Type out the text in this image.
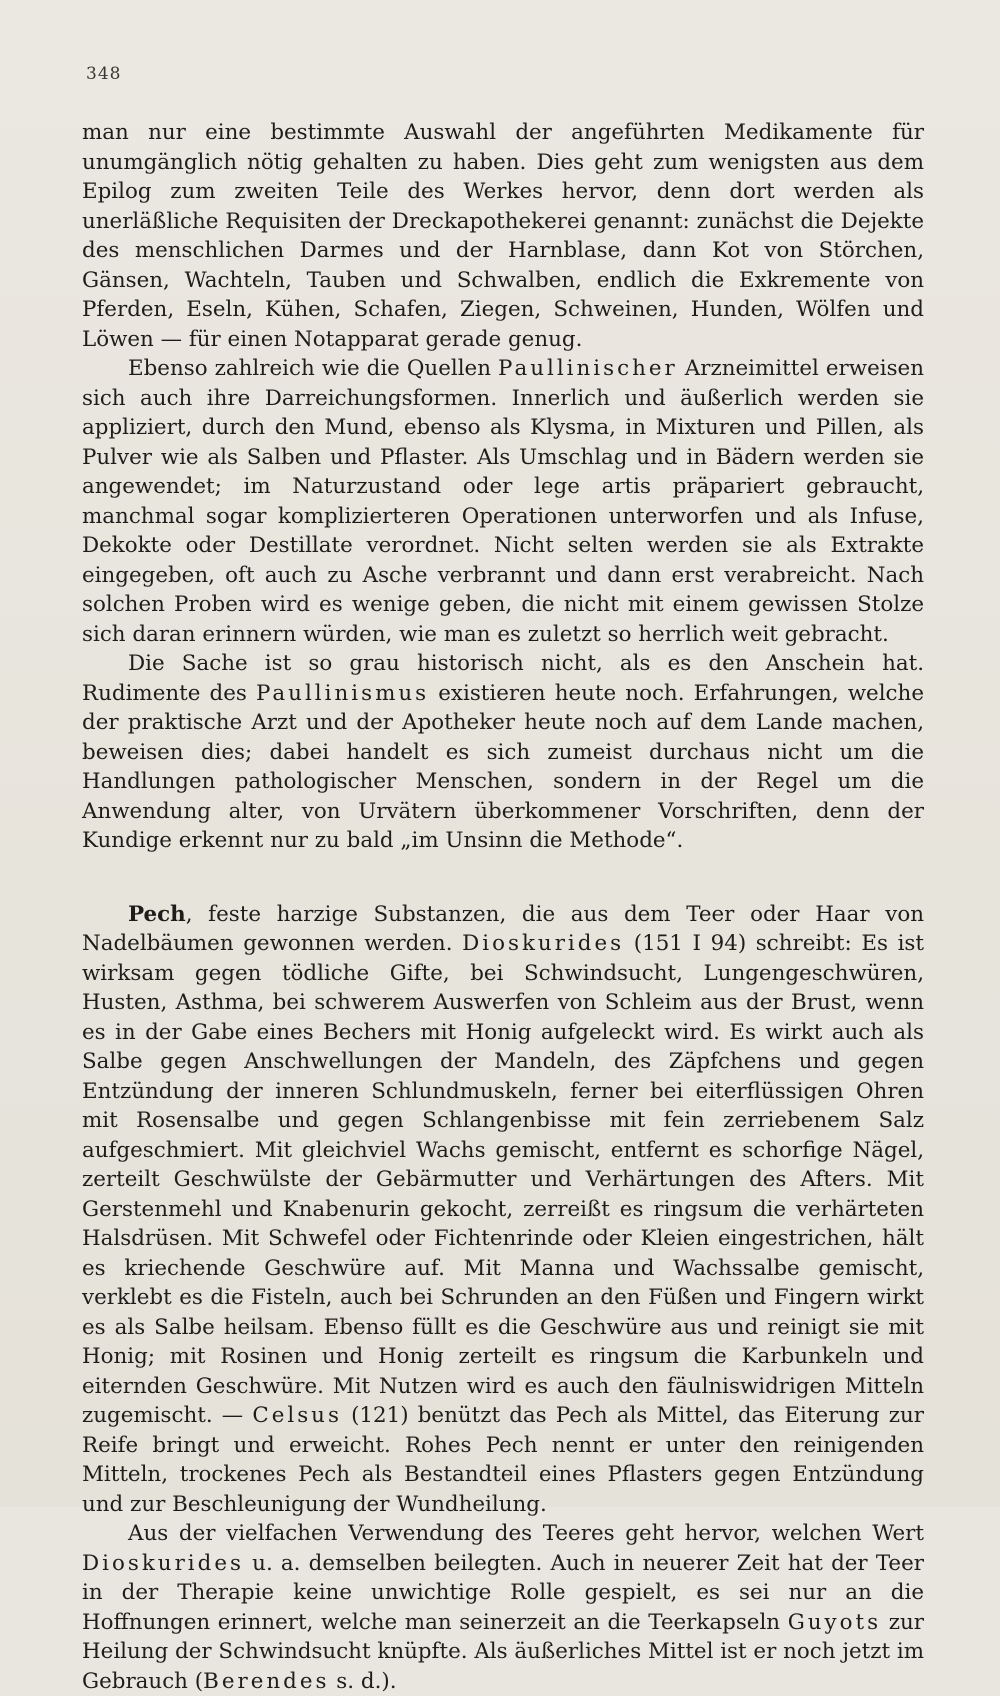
348

man nur eine bestimmte Auswahl der angeführten Medikamente für unumgänglich nötig gehalten zu haben. Dies geht zum wenigsten aus dem Epilog zum zweiten Teile des Werkes hervor, denn dort werden als unerläßliche Requisiten der Dreckapothekerei genannt: zunächst die Dejekte des menschlichen Darmes und der Harnblase, dann Kot von Störchen, Gänsen, Wachteln, Tauben und Schwalben, endlich die Exkremente von Pferden, Eseln, Kühen, Schafen, Ziegen, Schweinen, Hunden, Wölfen und Löwen — für einen Notapparat gerade genug.

Ebenso zahlreich wie die Quellen Paullinischer Arzneimittel erweisen sich auch ihre Darreichungsformen. Innerlich und äußerlich werden sie appliziert, durch den Mund, ebenso als Klysma, in Mixturen und Pillen, als Pulver wie als Salben und Pflaster. Als Umschlag und in Bädern werden sie angewendet; im Naturzustand oder lege artis präpariert gebraucht, manchmal sogar komplizierteren Operationen unterworfen und als Infuse, Dekokte oder Destillate verordnet. Nicht selten werden sie als Extrakte eingegeben, oft auch zu Asche verbrannt und dann erst verabreicht. Nach solchen Proben wird es wenige geben, die nicht mit einem gewissen Stolze sich daran erinnern würden, wie man es zuletzt so herrlich weit gebracht.

Die Sache ist so grau historisch nicht, als es den Anschein hat. Rudimente des Paullinismus existieren heute noch. Erfahrungen, welche der praktische Arzt und der Apotheker heute noch auf dem Lande machen, beweisen dies; dabei handelt es sich zumeist durchaus nicht um die Handlungen pathologischer Menschen, sondern in der Regel um die Anwendung alter, von Urvätern überkommener Vorschriften, denn der Kundige erkennt nur zu bald „im Unsinn die Methode“.

Pech, feste harzige Substanzen, die aus dem Teer oder Haar von Nadelbäumen gewonnen werden. Dioskurides (151 I 94) schreibt: Es ist wirksam gegen tödliche Gifte, bei Schwindsucht, Lungengeschwüren, Husten, Asthma, bei schwerem Auswerfen von Schleim aus der Brust, wenn es in der Gabe eines Bechers mit Honig aufgeleckt wird. Es wirkt auch als Salbe gegen Anschwellungen der Mandeln, des Zäpfchens und gegen Entzündung der inneren Schlundmuskeln, ferner bei eiterflüssigen Ohren mit Rosensalbe und gegen Schlangenbisse mit fein zerriebenem Salz aufgeschmiert. Mit gleichviel Wachs gemischt, entfernt es schorfige Nägel, zerteilt Geschwülste der Gebärmutter und Verhärtungen des Afters. Mit Gerstenmehl und Knabenurin gekocht, zerreißt es ringsum die verhärteten Halsdrüsen. Mit Schwefel oder Fichtenrinde oder Kleien eingestrichen, hält es kriechende Geschwüre auf. Mit Manna und Wachssalbe gemischt, verklebt es die Fisteln, auch bei Schrunden an den Füßen und Fingern wirkt es als Salbe heilsam. Ebenso füllt es die Geschwüre aus und reinigt sie mit Honig; mit Rosinen und Honig zerteilt es ringsum die Karbunkeln und eiternden Geschwüre. Mit Nutzen wird es auch den fäulniswidrigen Mitteln zugemischt. — Celsus (121) benützt das Pech als Mittel, das Eiterung zur Reife bringt und erweicht. Rohes Pech nennt er unter den reinigenden Mitteln, trockenes Pech als Bestandteil eines Pflasters gegen Entzündung und zur Beschleunigung der Wundheilung.

Aus der vielfachen Verwendung des Teeres geht hervor, welchen Wert Dioskurides u. a. demselben beilegten. Auch in neuerer Zeit hat der Teer in der Therapie keine unwichtige Rolle gespielt, es sei nur an die Hoffnungen erinnert, welche man seinerzeit an die Teerkapseln Guyots zur Heilung der Schwindsucht knüpfte. Als äußerliches Mittel ist er noch jetzt im Gebrauch (Berendes s. d.).
